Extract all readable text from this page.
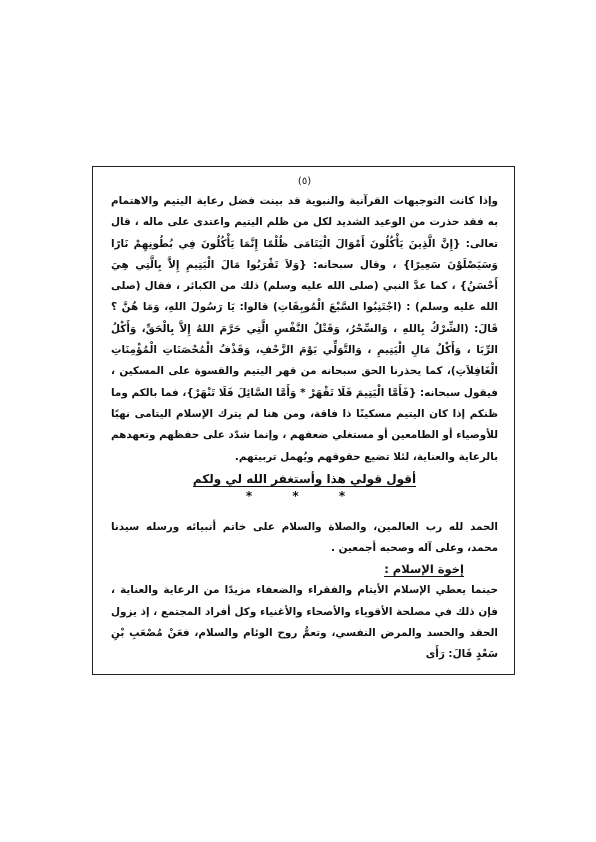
(٥)

وإذا كانت التوجيهات القرآنية والنبوية قد بينت فضل رعاية اليتيم والاهتمام به فقد حذرت من الوعيد الشديد لكل من ظلم اليتيم واعتدى على ماله ، قال تعالى: {إِنَّ الَّذِينَ يَأْكُلُونَ أَمْوَالَ الْيَتَامَى ظُلْمًا إِنَّمَا يَأْكُلُونَ فِي بُطُونِهِمْ نَارًا وَسَيَصْلَوْنَ سَعِيرًا} ، وقال سبحانه: {وَلاَ تَقْرَبُوا مَالَ الْيَتِيمِ إِلاَّ بِالَّتِي هِيَ أَحْسَنُ} ، كما عدَّ النبي (صلى الله عليه وسلم) ذلك من الكبائر ، فقال (صلى الله عليه وسلم) : (اجْتَنِبُوا السَّبْعَ الْمُوبِقَاتِ) قالوا: يَا رَسُولَ اللهِ، وَمَا هُنَّ ؟ قَالَ: (الشِّرْكُ بِاللهِ ، وَالسِّحْرُ، وَقَتْلُ النَّفْسِ الَّتِي حَرَّمَ اللهُ إِلاَّ بِالْحَقِّ، وَأَكْلُ الرِّبَا ، وَأَكْلُ مَالِ الْيَتِيمِ ، وَالتَّوَلِّي يَوْمَ الزَّحْفِ، وَقَذْفُ الْمُحْصَنَاتِ الْمُؤْمِنَاتِ الْغَافِلاَتِ)، كما يحذرنا الحق سبحانه من قهر اليتيم والقسوة على المسكين ، فيقول سبحانه: {فَأَمَّا الْيَتِيمَ فَلَا تَقْهَرْ * وَأَمَّا السَّائِلَ فَلَا تَنْهَرْ}، فما بالكم وما ظنكم إذا كان اليتيم مسكينًا ذا فاقة، ومن هنا لم يترك الإسلام اليتامى نهبًا للأوصياء أو الطامعين أو مستغلي ضعفهم ، وإنما شدّد على حفظهم وتعهدهم بالرعاية والعناية، لئلا تضيع حقوقهم ويُهمل تربيتهم.

أقول قولي هذا وأستغفر الله لي ولكم
* * *

الحمد لله رب العالمين، والصلاة والسلام على خاتم أنبيائه ورسله سيدنا محمد، وعلى آله وصحبه أجمعين .

إخوة الإسلام :

حينما يعطي الإسلام الأيتام والفقراء والضعفاء مزيدًا من الرعاية والعناية ، فإن ذلك في مصلحة الأقوياء والأصحاء والأغنياء وكل أفراد المجتمع ، إذ يزول الحقد والحسد والمرض النفسي، وتعمُّ روح الوئام والسلام، فعَنْ مُصْعَبِ بْنِ سَعْدٍ قَالَ: رَأَى
